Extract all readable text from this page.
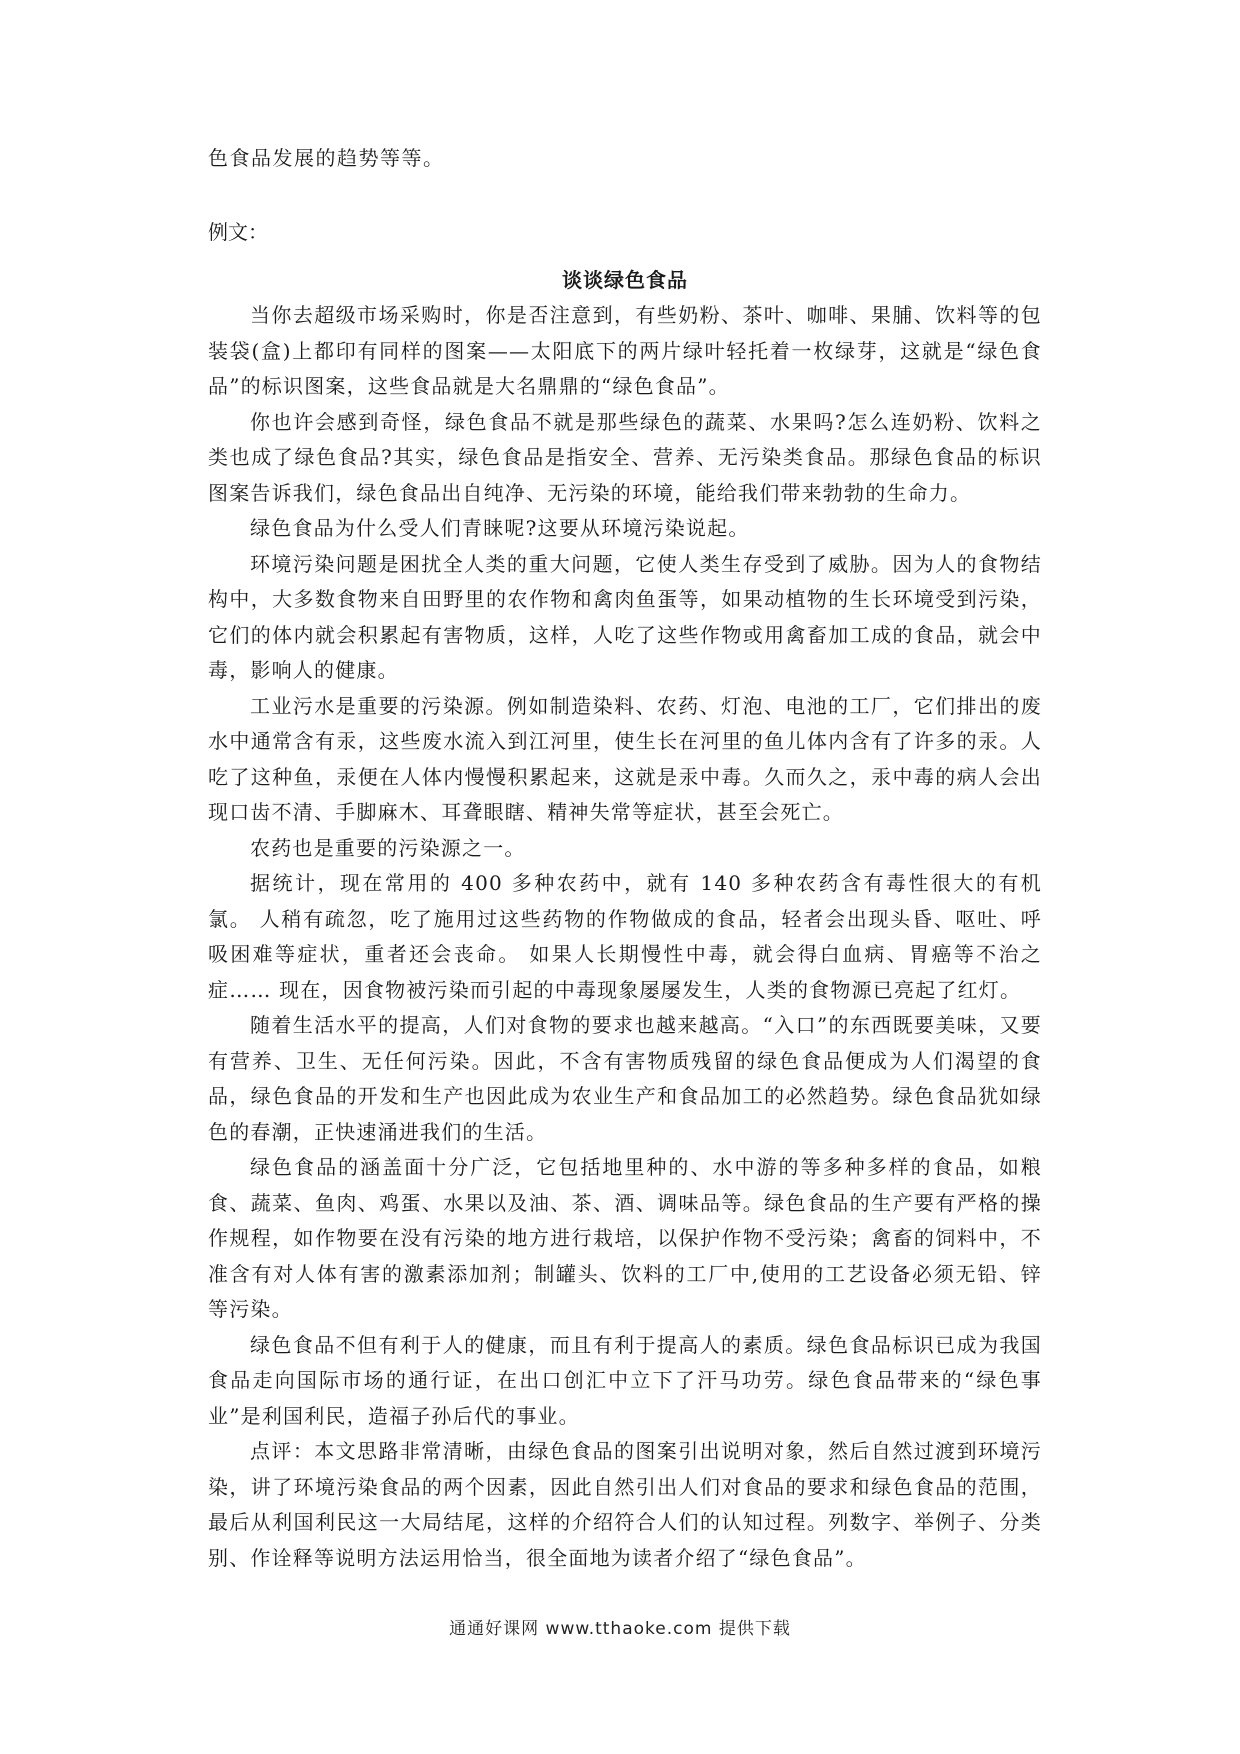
色食品发展的趋势等等。

例文：

谈谈绿色食品

当你去超级市场采购时，你是否注意到，有些奶粉、茶叶、咖啡、果脯、饮料等的包装袋(盒)上都印有同样的图案——太阳底下的两片绿叶轻托着一枚绿芽，这就是“绿色食品”的标识图案，这些食品就是大名鼎鼎的“绿色食品”。

你也许会感到奇怪，绿色食品不就是那些绿色的蔬菜、水果吗?怎么连奶粉、饮料之类也成了绿色食品?其实，绿色食品是指安全、营养、无污染类食品。那绿色食品的标识图案告诉我们，绿色食品出自纯净、无污染的环境，能给我们带来勃勃的生命力。

绿色食品为什么受人们青睐呢?这要从环境污染说起。

环境污染问题是困扰全人类的重大问题，它使人类生存受到了威胁。因为人的食物结构中，大多数食物来自田野里的农作物和禽肉鱼蛋等，如果动植物的生长环境受到污染，它们的体内就会积累起有害物质，这样，人吃了这些作物或用禽畜加工成的食品，就会中毒，影响人的健康。

工业污水是重要的污染源。例如制造染料、农药、灯泡、电池的工厂，它们排出的废水中通常含有汞，这些废水流入到江河里，使生长在河里的鱼儿体内含有了许多的汞。人吃了这种鱼，汞便在人体内慢慢积累起来，这就是汞中毒。久而久之，汞中毒的病人会出现口齿不清、手脚麻木、耳聋眼瞎、精神失常等症状，甚至会死亡。

农药也是重要的污染源之一。

据统计，现在常用的 400 多种农药中，就有 140 多种农药含有毒性很大的有机氯。 人稍有疏忽，吃了施用过这些药物的作物做成的食品，轻者会出现头昏、呕吐、呼吸困难等症状，重者还会丧命。 如果人长期慢性中毒，就会得白血病、胃癌等不治之症…… 现在，因食物被污染而引起的中毒现象屡屡发生，人类的食物源已亮起了红灯。

随着生活水平的提高，人们对食物的要求也越来越高。“入口”的东西既要美味，又要有营养、卫生、无任何污染。因此，不含有害物质残留的绿色食品便成为人们渴望的食品，绿色食品的开发和生产也因此成为农业生产和食品加工的必然趋势。绿色食品犹如绿色的春潮，正快速涌进我们的生活。

绿色食品的涵盖面十分广泛，它包括地里种的、水中游的等多种多样的食品，如粮食、蔬菜、鱼肉、鸡蛋、水果以及油、茶、酒、调味品等。绿色食品的生产要有严格的操作规程，如作物要在没有污染的地方进行栽培，以保护作物不受污染；禽畜的饲料中，不准含有对人体有害的激素添加剂；制罐头、饮料的工厂中,使用的工艺设备必须无铅、锌等污染。

绿色食品不但有利于人的健康，而且有利于提高人的素质。绿色食品标识已成为我国食品走向国际市场的通行证，在出口创汇中立下了汗马功劳。绿色食品带来的“绿色事业”是利国利民，造福子孙后代的事业。

点评：本文思路非常清晰，由绿色食品的图案引出说明对象，然后自然过渡到环境污染，讲了环境污染食品的两个因素，因此自然引出人们对食品的要求和绿色食品的范围，最后从利国利民这一大局结尾，这样的介绍符合人们的认知过程。列数字、举例子、分类别、作诠释等说明方法运用恰当，很全面地为读者介绍了“绿色食品”。

通通好课网 www.tthaoke.com 提供下载
